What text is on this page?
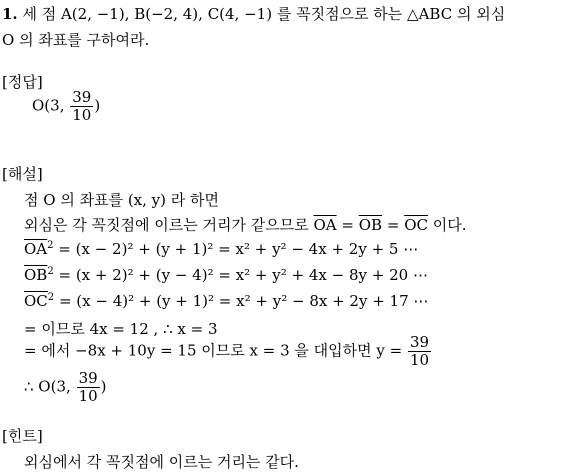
1. 세 점 A(2, −1), B(−2, 4), C(4, −1) 를 꼭짓점으로 하는 △ABC 의 외심
O 의 좌표를 구하여라.
[정답]
O(3, $\frac{39}{10}$ )
[해설]
점 O 의 좌표를 (x, y) 라 하면
외심은 각 꼭짓점에 이르는 거리가 같으므로 $\overline{OA} = \overline{OB} = \overline{OC}$ 이다.
$\overline{OA}^2 = (x - 2)^2 + (y + 1)^2 = x^2 + y^2 - 4x + 2y + 5$ ⋯
$\overline{OB}^2 = (x + 2)^2 + (y - 4)^2 = x^2 + y^2 + 4x - 8y + 20$ ⋯
$\overline{OC}^2 = (x - 4)^2 + (y + 1)^2 = x^2 + y^2 - 8x + 2y + 17$ ⋯
= 이므로 4x = 12 , ∴ x = 3
= 에서 −8x + 10y = 15 이므로 x = 3 을 대입하면 $y = \frac{39}{10}$
∴ O(3, $\frac{39}{10}$ )
[힌트]
외심에서 각 꼭짓점에 이르는 거리는 같다.
